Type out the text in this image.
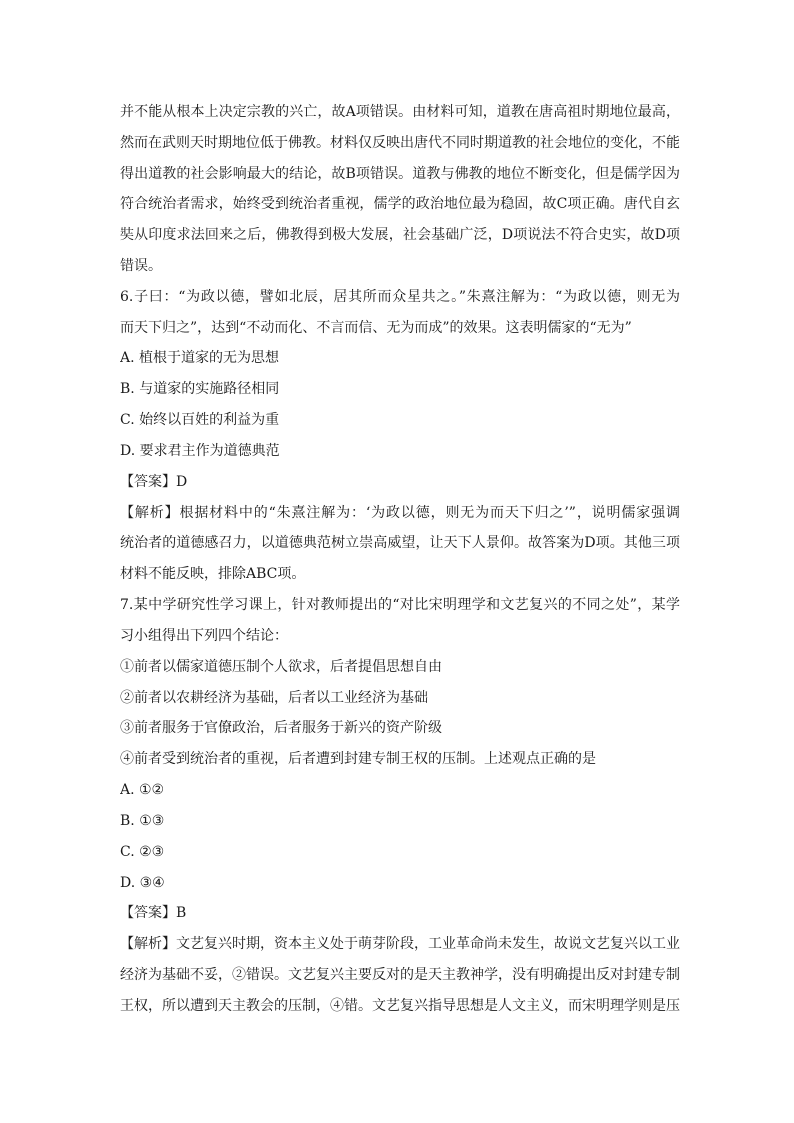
并不能从根本上决定宗教的兴亡，故A项错误。由材料可知，道教在唐高祖时期地位最高，
然而在武则天时期地位低于佛教。材料仅反映出唐代不同时期道教的社会地位的变化，不能
得出道教的社会影响最大的结论，故B项错误。道教与佛教的地位不断变化，但是儒学因为
符合统治者需求，始终受到统治者重视，儒学的政治地位最为稳固，故C项正确。唐代自玄
奘从印度求法回来之后，佛教得到极大发展，社会基础广泛，D项说法不符合史实，故D项
错误。
6.子曰：“为政以德，譬如北辰，居其所而众星共之。”朱熹注解为：“为政以德，则无为
而天下归之”，达到“不动而化、不言而信、无为而成”的效果。这表明儒家的“无为”
A. 植根于道家的无为思想
B. 与道家的实施路径相同
C. 始终以百姓的利益为重
D. 要求君主作为道德典范
【答案】D
【解析】根据材料中的“朱熹注解为：‘为政以德，则无为而天下归之’”，说明儒家强调
统治者的道德感召力，以道德典范树立崇高威望，让天下人景仰。故答案为D项。其他三项
材料不能反映，排除ABC项。
7.某中学研究性学习课上，针对教师提出的“对比宋明理学和文艺复兴的不同之处”，某学
习小组得出下列四个结论：
①前者以儒家道德压制个人欲求，后者提倡思想自由
②前者以农耕经济为基础，后者以工业经济为基础
③前者服务于官僚政治，后者服务于新兴的资产阶级
④前者受到统治者的重视，后者遭到封建专制王权的压制。上述观点正确的是
A. ①②
B. ①③
C. ②③
D. ③④
【答案】B
【解析】文艺复兴时期，资本主义处于萌芽阶段，工业革命尚未发生，故说文艺复兴以工业
经济为基础不妥，②错误。文艺复兴主要反对的是天主教神学，没有明确提出反对封建专制
王权，所以遭到天主教会的压制，④错。文艺复兴指导思想是人文主义，而宋明理学则是压
